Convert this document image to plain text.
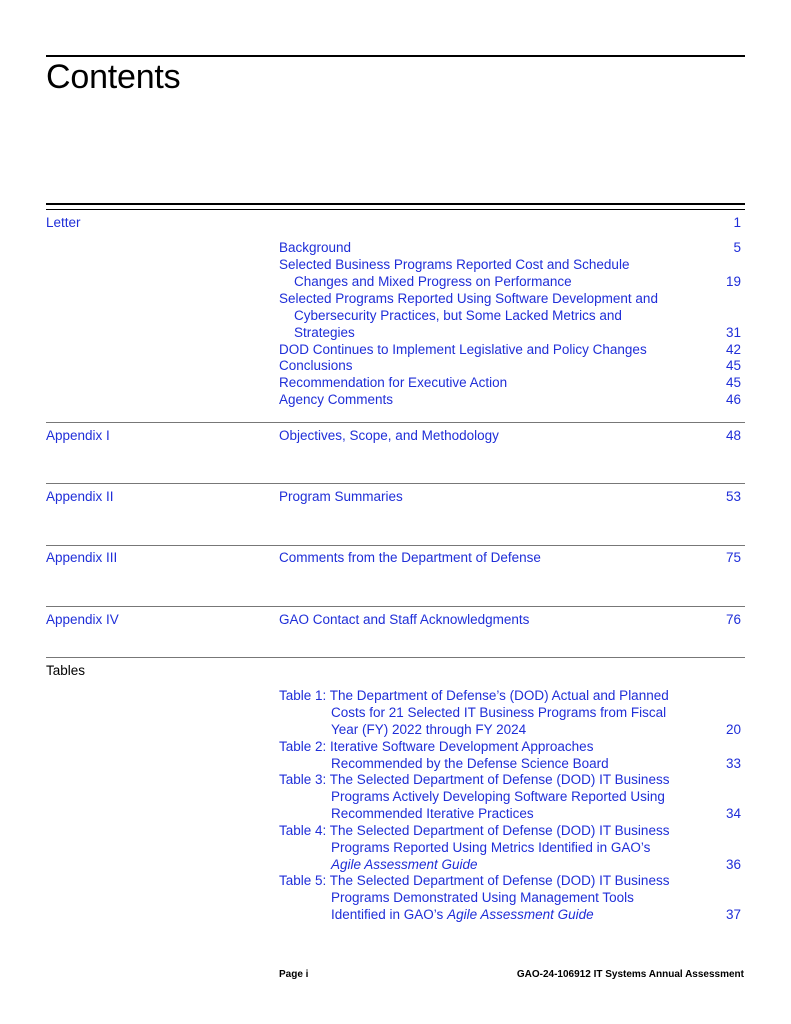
Contents
Letter	1
Background	5
Selected Business Programs Reported Cost and Schedule
Changes and Mixed Progress on Performance	19
Selected Programs Reported Using Software Development and
Cybersecurity Practices, but Some Lacked Metrics and
Strategies	31
DOD Continues to Implement Legislative and Policy Changes	42
Conclusions	45
Recommendation for Executive Action	45
Agency Comments	46
Appendix I	Objectives, Scope, and Methodology	48
Appendix II	Program Summaries	53
Appendix III	Comments from the Department of Defense	75
Appendix IV	GAO Contact and Staff Acknowledgments	76
Tables
Table 1: The Department of Defense’s (DOD) Actual and Planned
Costs for 21 Selected IT Business Programs from Fiscal
Year (FY) 2022 through FY 2024	20
Table 2: Iterative Software Development Approaches
Recommended by the Defense Science Board	33
Table 3: The Selected Department of Defense (DOD) IT Business
Programs Actively Developing Software Reported Using
Recommended Iterative Practices	34
Table 4: The Selected Department of Defense (DOD) IT Business
Programs Reported Using Metrics Identified in GAO’s
Agile Assessment Guide	36
Table 5: The Selected Department of Defense (DOD) IT Business
Programs Demonstrated Using Management Tools
Identified in GAO’s Agile Assessment Guide	37
Page i	GAO-24-106912 IT Systems Annual Assessment
